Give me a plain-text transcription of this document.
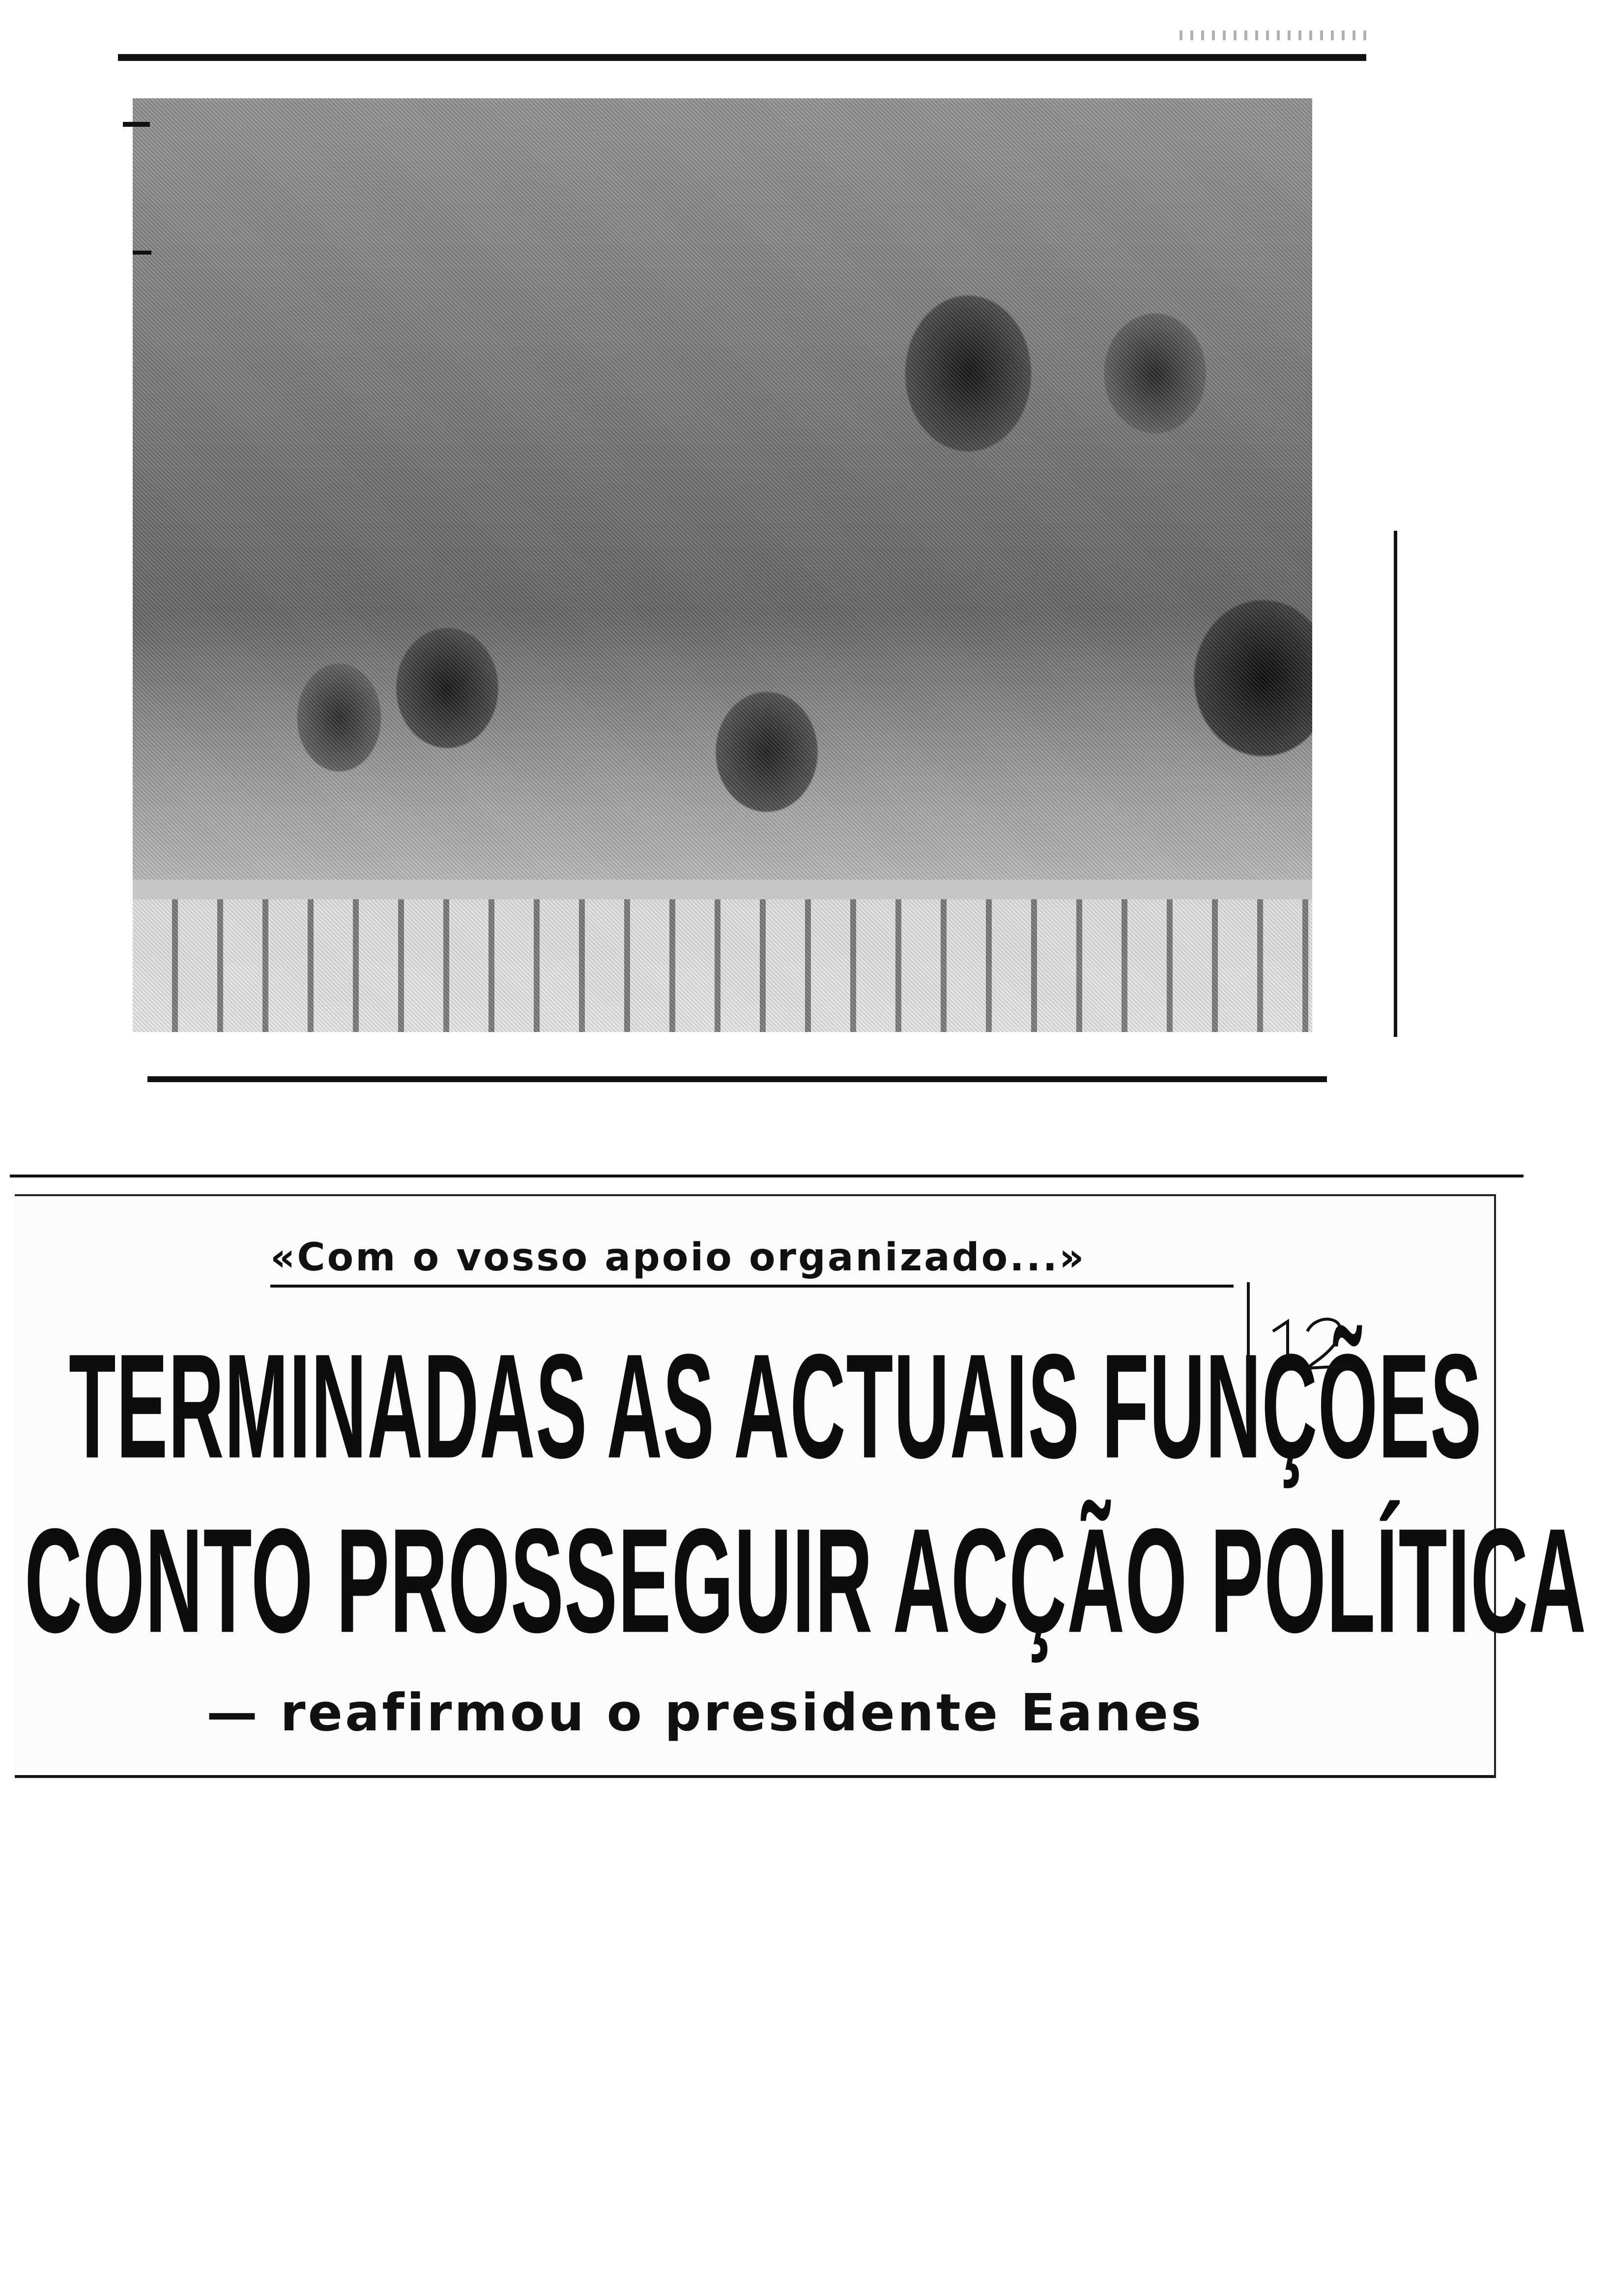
«Com o vosso apoio organizado...»
TERMINADAS AS ACTUAIS FUNÇÕES
CONTO PROSSEGUIR ACÇÃO POLÍTICA
— reafirmou o presidente Eanes
